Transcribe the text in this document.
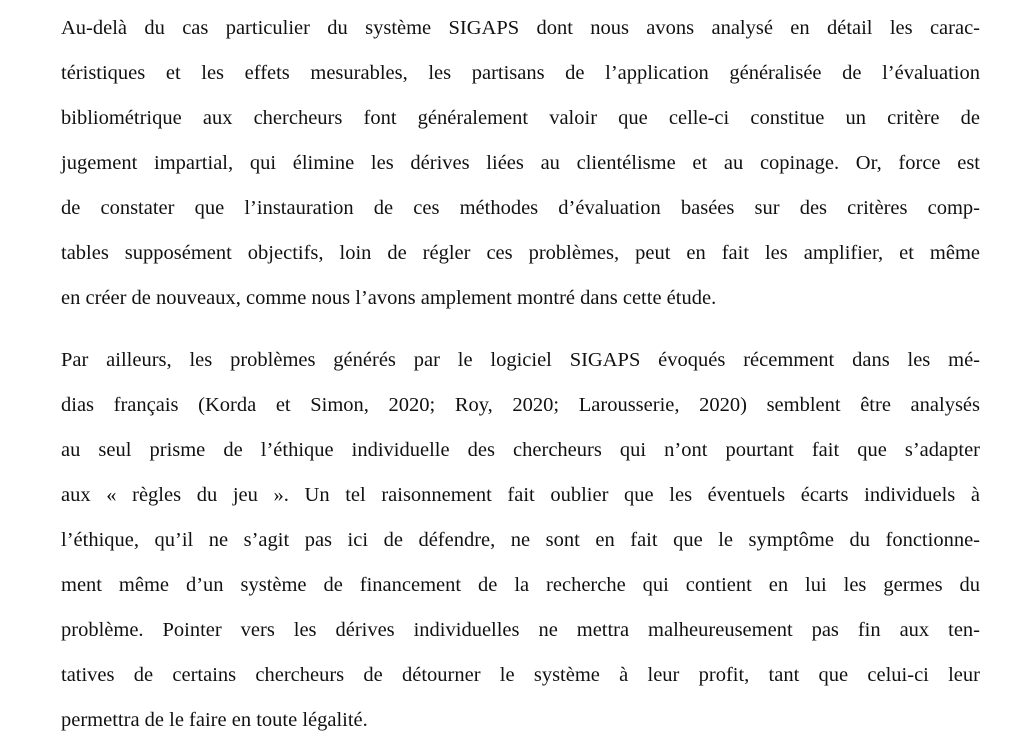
Au-delà du cas particulier du système SIGAPS dont nous avons analysé en détail les carac-
téristiques et les effets mesurables, les partisans de l’application généralisée de l’évaluation
bibliométrique aux chercheurs font généralement valoir que celle-ci constitue un critère de
jugement impartial, qui élimine les dérives liées au clientélisme et au copinage. Or, force est
de constater que l’instauration de ces méthodes d’évaluation basées sur des critères comp-
tables supposément objectifs, loin de régler ces problèmes, peut en fait les amplifier, et même
en créer de nouveaux, comme nous l’avons amplement montré dans cette étude.

Par ailleurs, les problèmes générés par le logiciel SIGAPS évoqués récemment dans les mé-
dias français (Korda et Simon, 2020; Roy, 2020; Larousserie, 2020) semblent être analysés
au seul prisme de l’éthique individuelle des chercheurs qui n’ont pourtant fait que s’adapter
aux « règles du jeu ». Un tel raisonnement fait oublier que les éventuels écarts individuels à
l’éthique, qu’il ne s’agit pas ici de défendre, ne sont en fait que le symptôme du fonctionne-
ment même d’un système de financement de la recherche qui contient en lui les germes du
problème. Pointer vers les dérives individuelles ne mettra malheureusement pas fin aux ten-
tatives de certains chercheurs de détourner le système à leur profit, tant que celui-ci leur
permettra de le faire en toute légalité.
